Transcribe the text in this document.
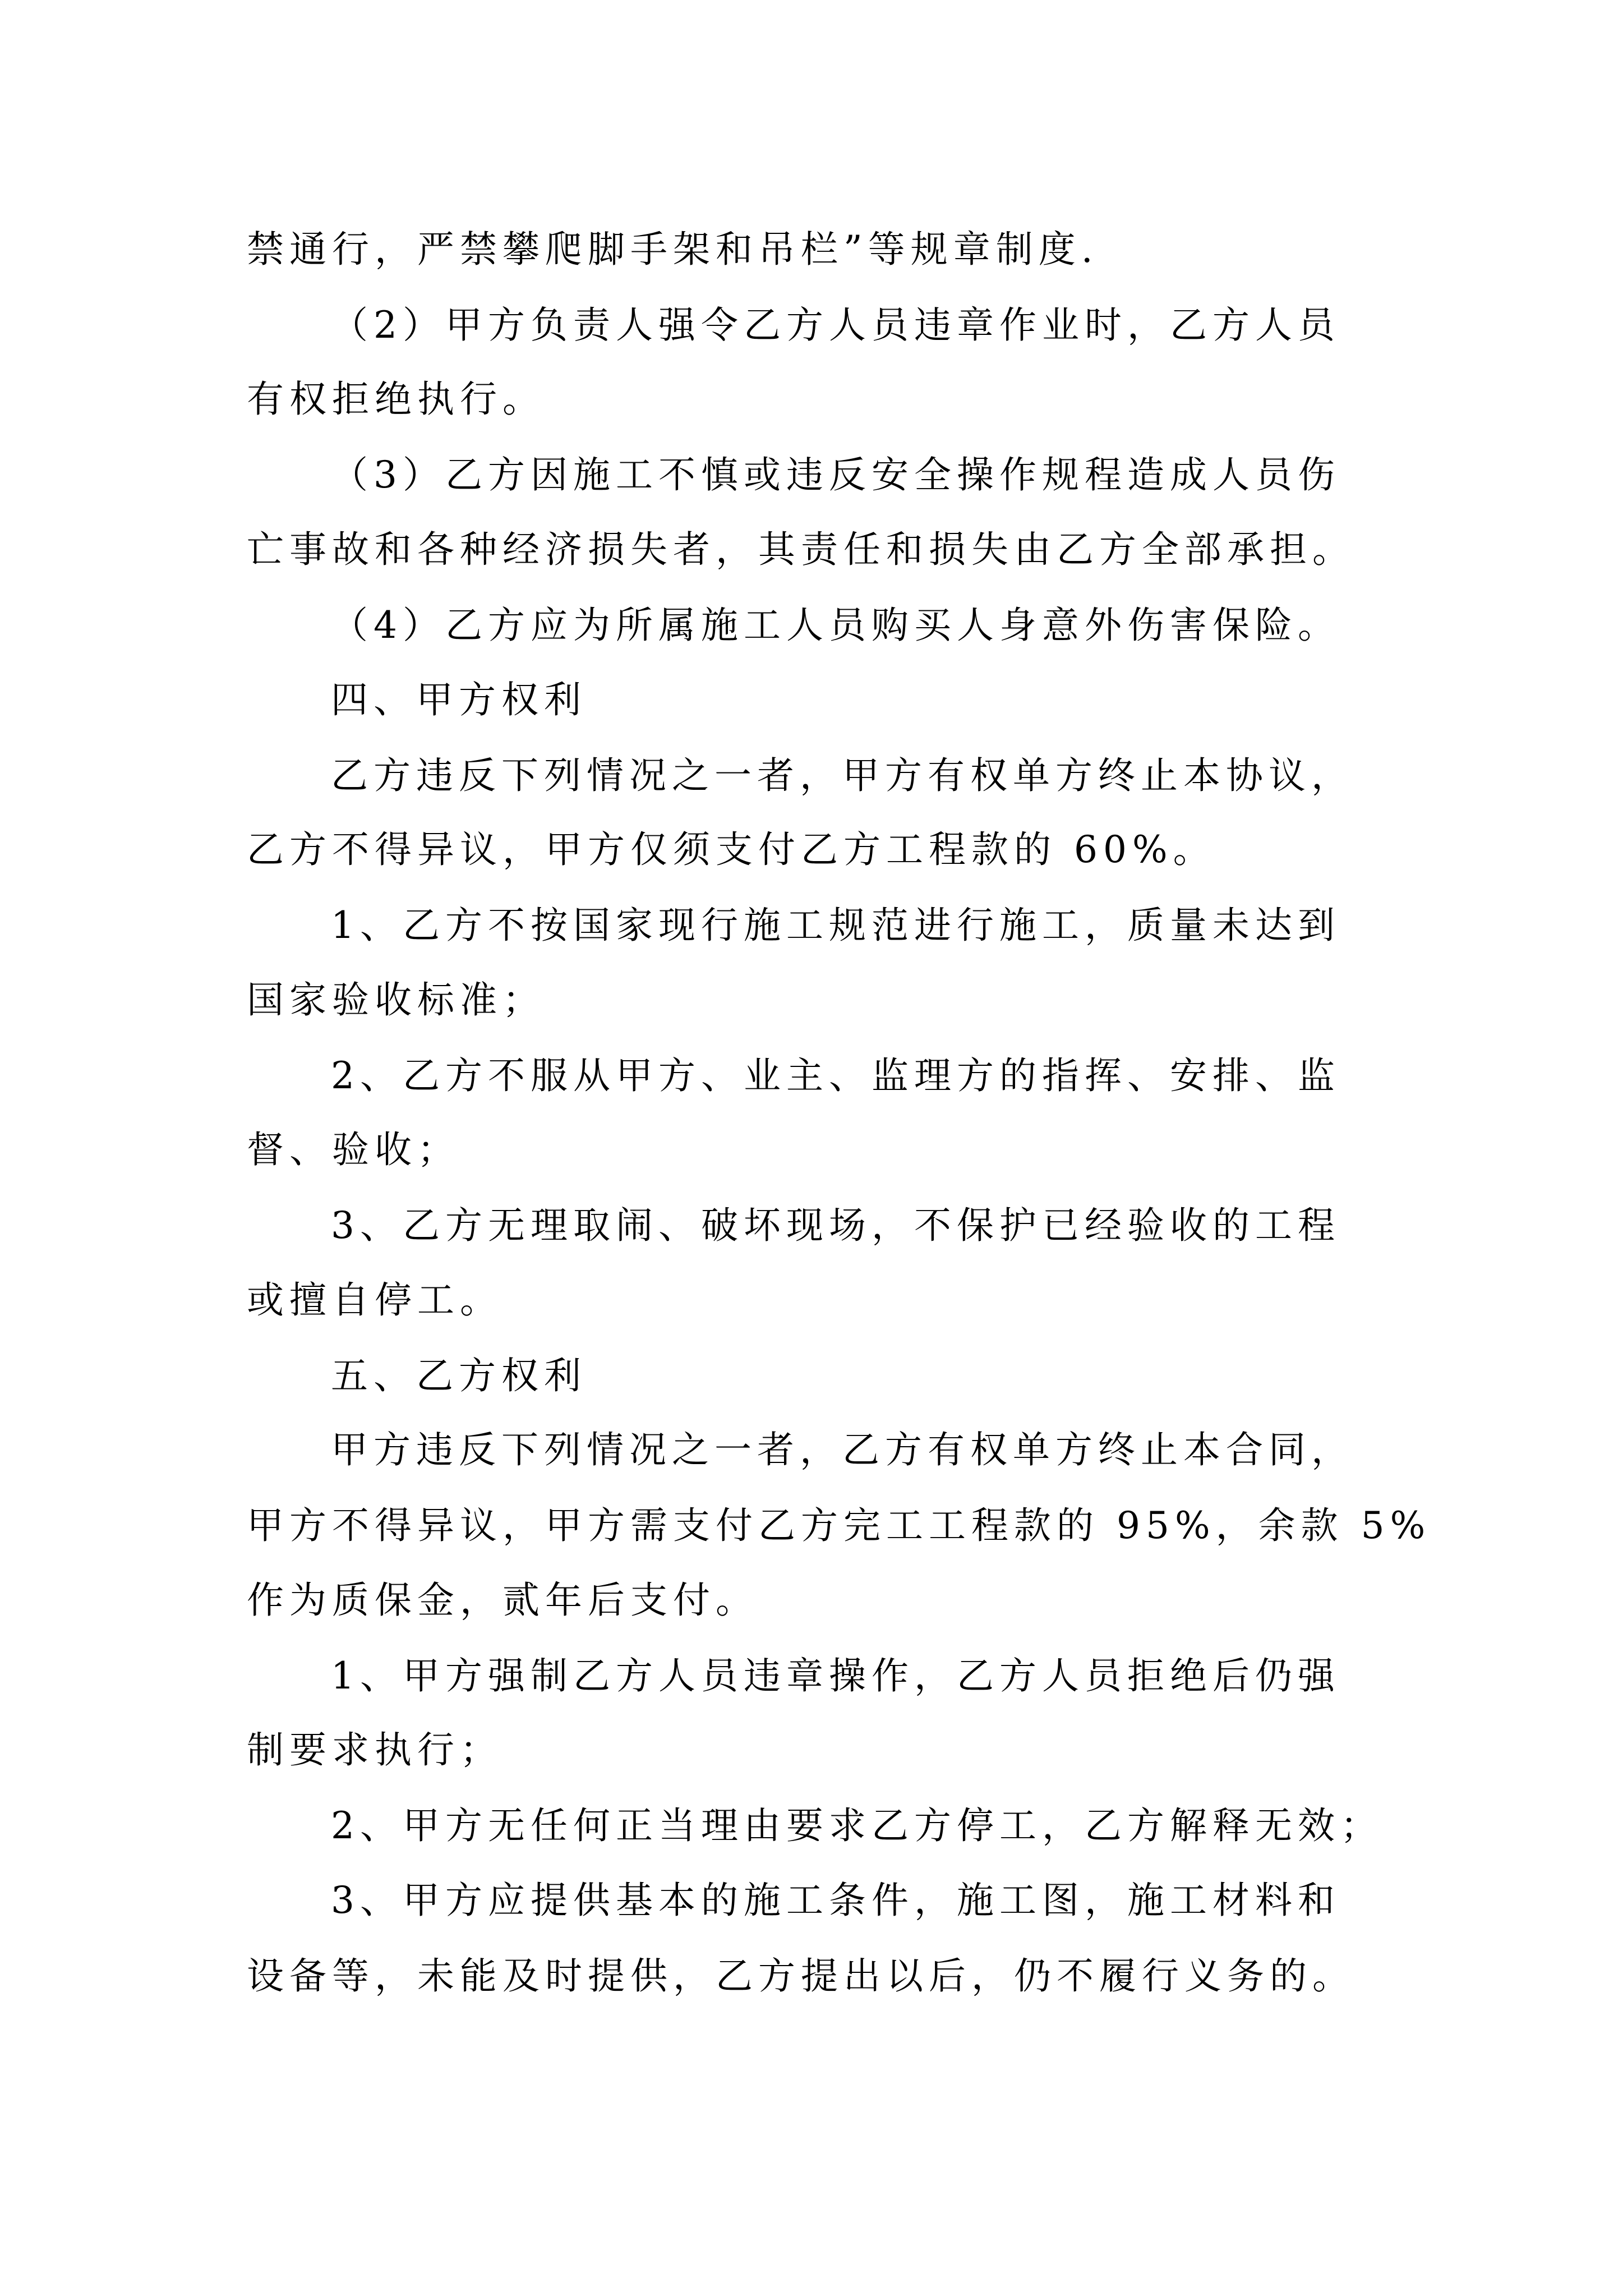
禁通行，严禁攀爬脚手架和吊栏”等规章制度.
（2）甲方负责人强令乙方人员违章作业时，乙方人员
有权拒绝执行。
（3）乙方因施工不慎或违反安全操作规程造成人员伤
亡事故和各种经济损失者，其责任和损失由乙方全部承担。
（4）乙方应为所属施工人员购买人身意外伤害保险。
四、甲方权利
乙方违反下列情况之一者，甲方有权单方终止本协议，
乙方不得异议，甲方仅须支付乙方工程款的 60%。
1、乙方不按国家现行施工规范进行施工，质量未达到
国家验收标准；
2、乙方不服从甲方、业主、监理方的指挥、安排、监
督、验收；
3、乙方无理取闹、破坏现场，不保护已经验收的工程
或擅自停工。
五、乙方权利
甲方违反下列情况之一者，乙方有权单方终止本合同，
甲方不得异议，甲方需支付乙方完工工程款的 95%，余款 5%
作为质保金，贰年后支付。
1、甲方强制乙方人员违章操作，乙方人员拒绝后仍强
制要求执行；
2、甲方无任何正当理由要求乙方停工，乙方解释无效；
3、甲方应提供基本的施工条件，施工图，施工材料和
设备等，未能及时提供，乙方提出以后，仍不履行义务的。
